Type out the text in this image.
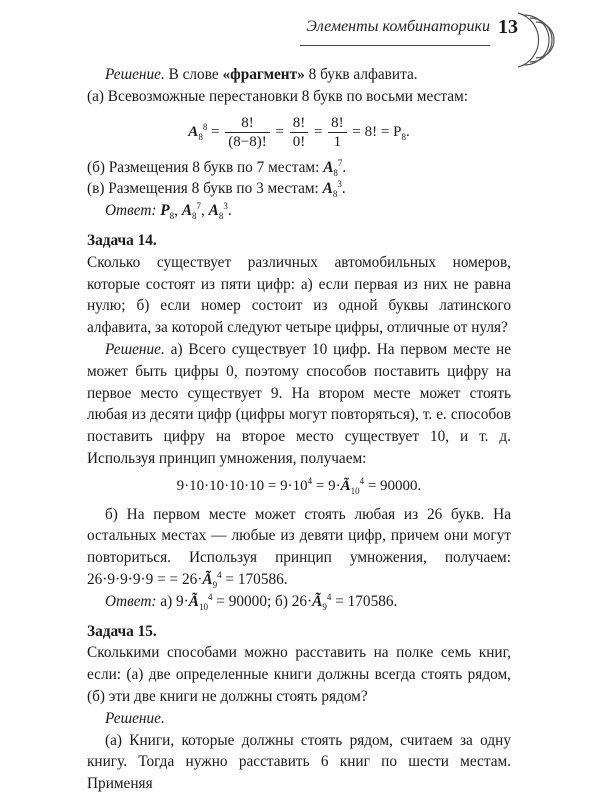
Элементы комбинаторики 13

Решение. В слове «фрагмент» 8 букв алфавита.

(а) Всевозможные перестановки 8 букв по восьми местам:

$A_8^8 = \frac{8!}{(8-8)!} = \frac{8!}{0!} = \frac{8!}{1} = 8$! = $P_8$.

(б) Размещения 8 букв по 7 местам: $A_8^7$.

(в) Размещения 8 букв по 3 местам: $A_8^3$.

Ответ: $P_8$, $A_8^7$, $A_8^3$.

Задача 14.

Сколько существует различных автомобильных номеров, которые состоят из пяти цифр: а) если первая из них не равна нулю; б) если номер состоит из одной буквы латинского алфавита, за которой следуют четыре цифры, отличные от нуля?

Решение. а) Всего существует 10 цифр. На первом месте не может быть цифры 0, поэтому способов поставить цифру на первое место существует 9. На втором месте может стоять любая из десяти цифр (цифры могут повторяться), т. е. способов поставить цифру на второе место существует 10, и т. д. Используя принцип умножения, получаем:

$9\cdot 10\cdot 10\cdot 10\cdot 10 = 9\cdot 10^4$ = $9\cdot Ã_{10}^4 = 90000$.

б) На первом месте может стоять любая из 26 букв. На остальных местах — любые из девяти цифр, причем они могут повториться. Используя принцип умножения, получаем: 26·9·9·9·9 = = $26\cdot Ã_9^4 = 170586$.

Ответ: а) $9\cdot Ã_{10}^4 = 90000$; б) $26\cdot Ã_9^4 = 170586$.

Задача 15.

Сколькими способами можно расставить на полке семь книг, если: (а) две определенные книги должны всегда стоять рядом, (б) эти две книги не должны стоять рядом?

Решение.

(а) Книги, которые должны стоять рядом, считаем за одну книгу. Тогда нужно расставить 6 книг по шести местам. Применяя
